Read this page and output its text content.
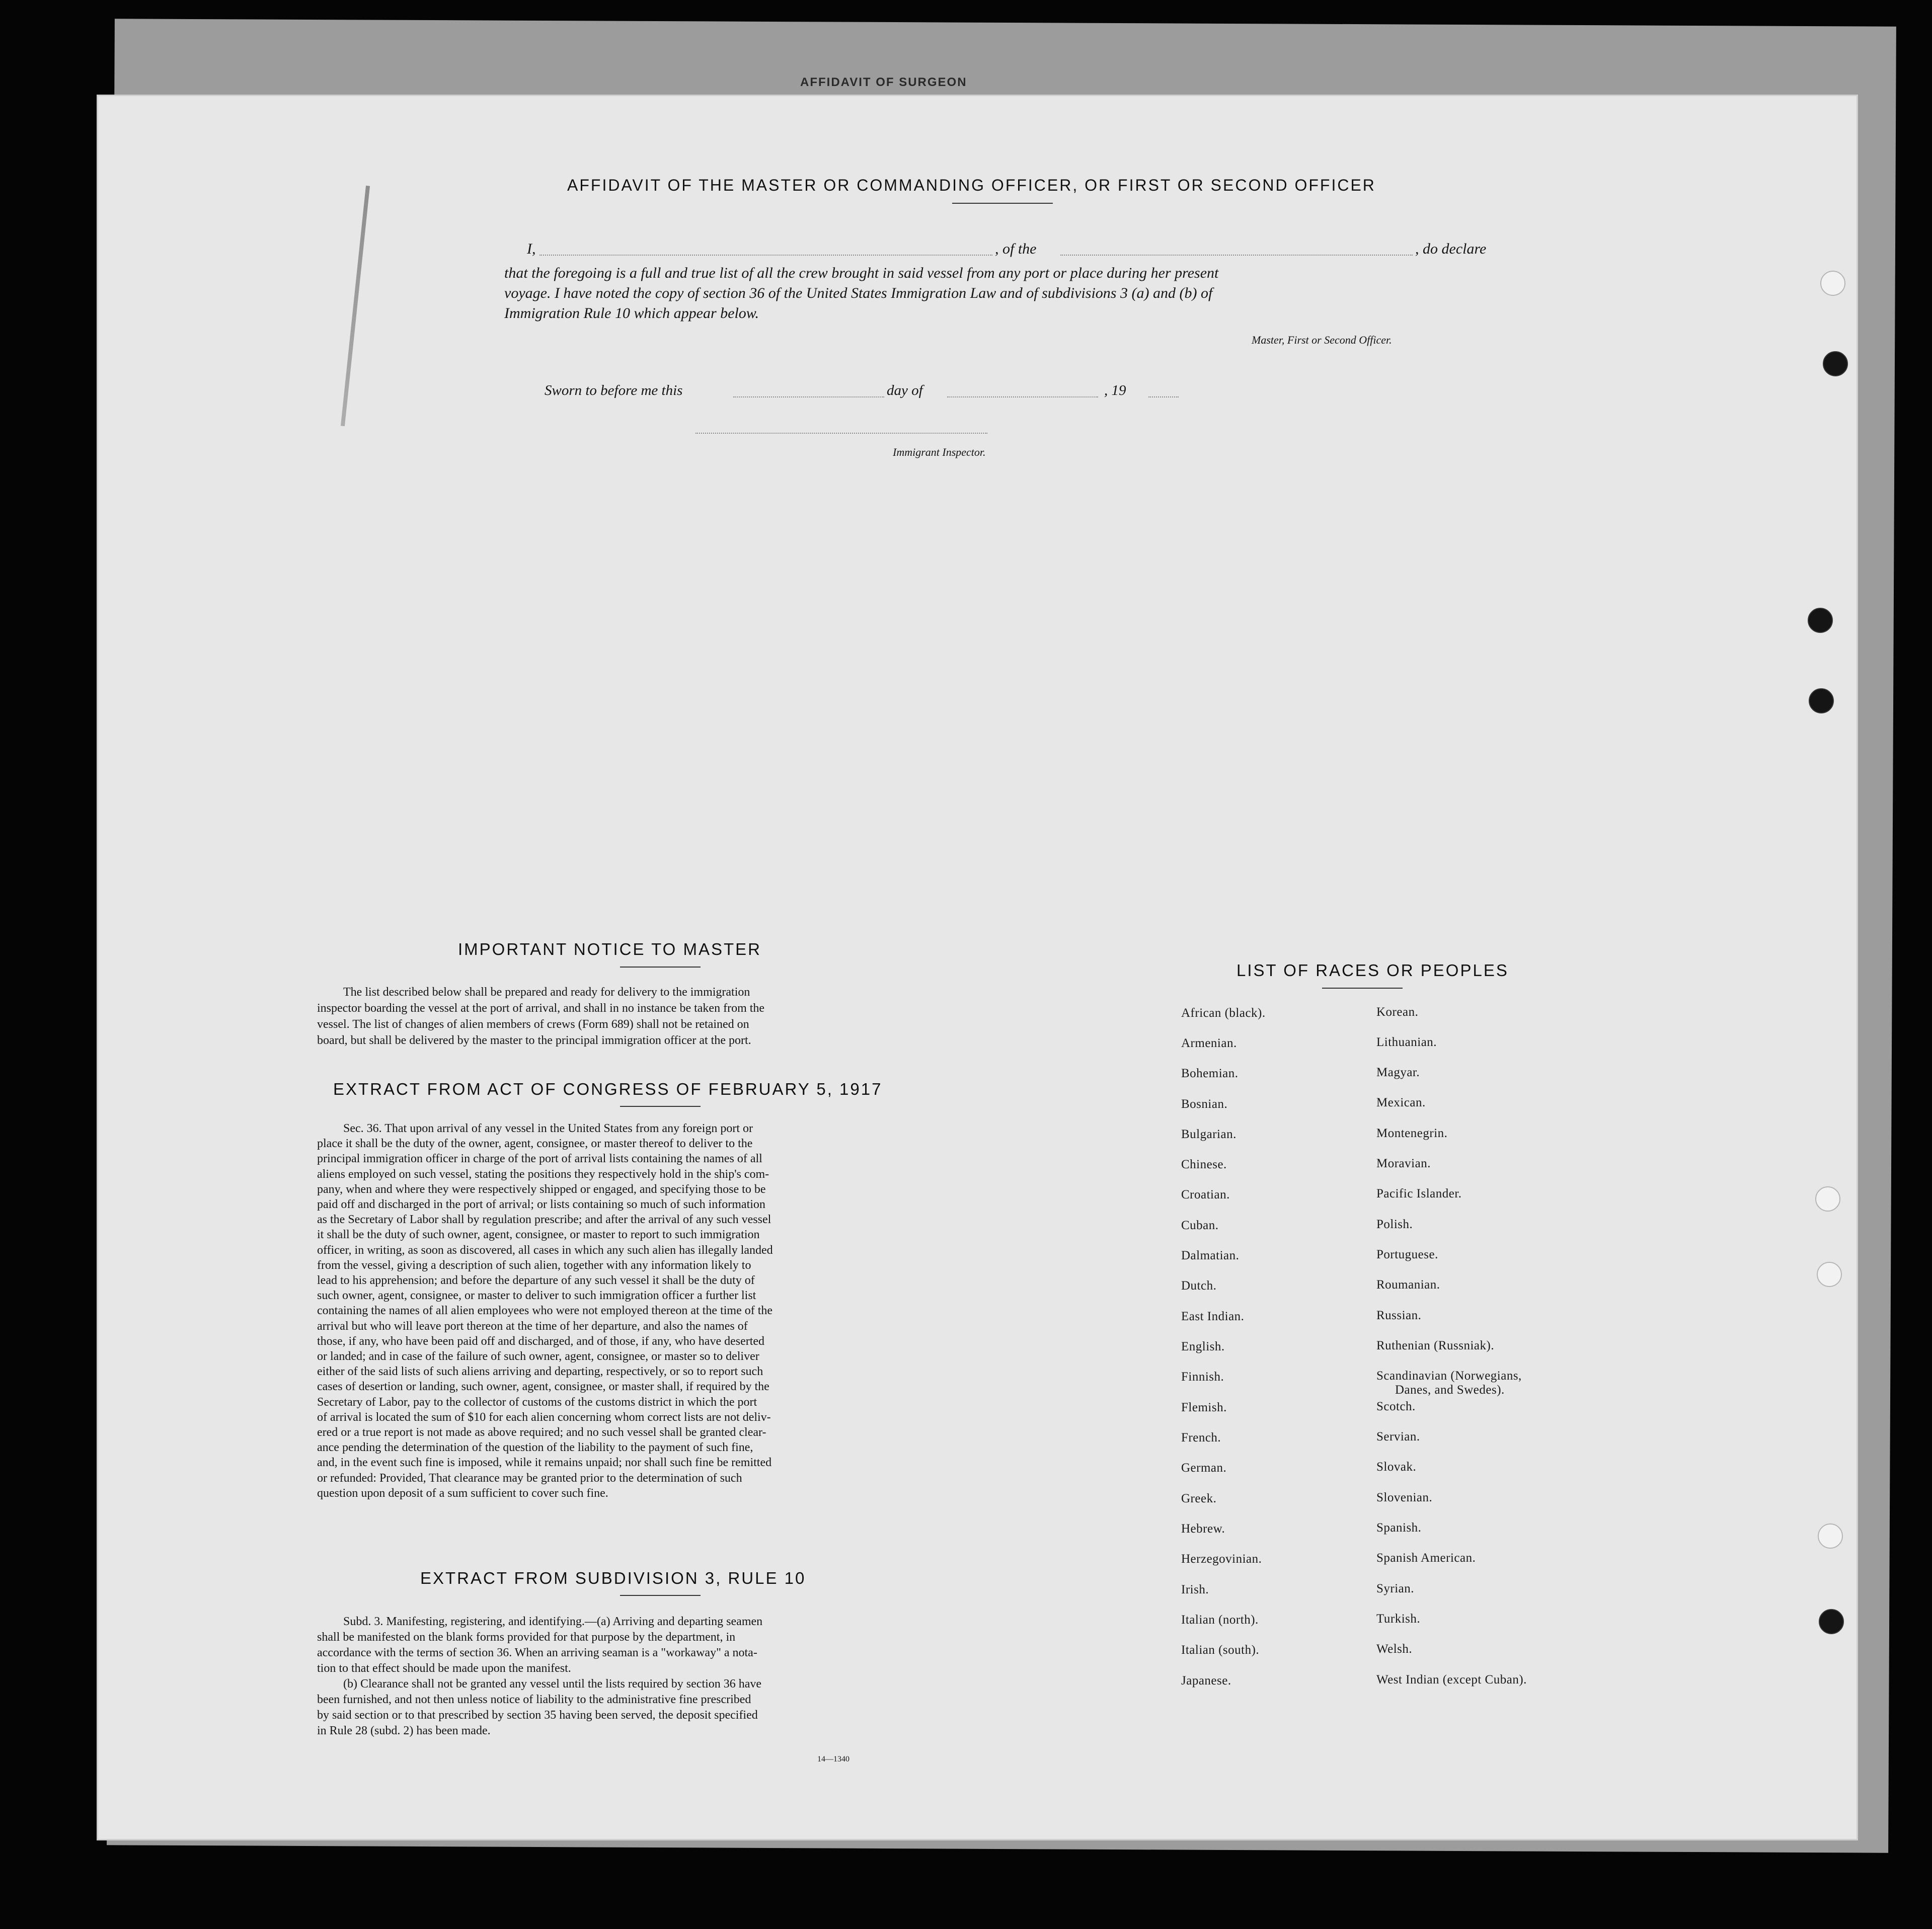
AFFIDAVIT OF SURGEON
AFFIDAVIT OF THE MASTER OR COMMANDING OFFICER, OR FIRST OR SECOND OFFICER
I,	, of the	, do declare
that the foregoing is a full and true list of all the crew brought in said vessel from any port or place during her present
voyage. I have noted the copy of section 36 of the United States Immigration Law and of subdivisions 3 (a) and (b) of
Immigration Rule 10 which appear below.
Master, First or Second Officer.
Sworn to before me this	day of	, 19
Immigrant Inspector.
IMPORTANT NOTICE TO MASTER
The list described below shall be prepared and ready for delivery to the immigration
inspector boarding the vessel at the port of arrival, and shall in no instance be taken from the
vessel. The list of changes of alien members of crews (Form 689) shall not be retained on
board, but shall be delivered by the master to the principal immigration officer at the port.
EXTRACT FROM ACT OF CONGRESS OF FEBRUARY 5, 1917
Sec. 36. That upon arrival of any vessel in the United States from any foreign port or
place it shall be the duty of the owner, agent, consignee, or master thereof to deliver to the
principal immigration officer in charge of the port of arrival lists containing the names of all
aliens employed on such vessel, stating the positions they respectively hold in the ship's com-
pany, when and where they were respectively shipped or engaged, and specifying those to be
paid off and discharged in the port of arrival; or lists containing so much of such information
as the Secretary of Labor shall by regulation prescribe; and after the arrival of any such vessel
it shall be the duty of such owner, agent, consignee, or master to report to such immigration
officer, in writing, as soon as discovered, all cases in which any such alien has illegally landed
from the vessel, giving a description of such alien, together with any information likely to
lead to his apprehension; and before the departure of any such vessel it shall be the duty of
such owner, agent, consignee, or master to deliver to such immigration officer a further list
containing the names of all alien employees who were not employed thereon at the time of the
arrival but who will leave port thereon at the time of her departure, and also the names of
those, if any, who have been paid off and discharged, and of those, if any, who have deserted
or landed; and in case of the failure of such owner, agent, consignee, or master so to deliver
either of the said lists of such aliens arriving and departing, respectively, or so to report such
cases of desertion or landing, such owner, agent, consignee, or master shall, if required by the
Secretary of Labor, pay to the collector of customs of the customs district in which the port
of arrival is located the sum of $10 for each alien concerning whom correct lists are not deliv-
ered or a true report is not made as above required; and no such vessel shall be granted clear-
ance pending the determination of the question of the liability to the payment of such fine,
and, in the event such fine is imposed, while it remains unpaid; nor shall such fine be remitted
or refunded: Provided, That clearance may be granted prior to the determination of such
question upon deposit of a sum sufficient to cover such fine.
EXTRACT FROM SUBDIVISION 3, RULE 10
Subd. 3. Manifesting, registering, and identifying.—(a) Arriving and departing seamen
shall be manifested on the blank forms provided for that purpose by the department, in
accordance with the terms of section 36. When an arriving seaman is a "workaway" a nota-
tion to that effect should be made upon the manifest.
(b) Clearance shall not be granted any vessel until the lists required by section 36 have
been furnished, and not then unless notice of liability to the administrative fine prescribed
by said section or to that prescribed by section 35 having been served, the deposit specified
in Rule 28 (subd. 2) has been made.
14—1340
LIST OF RACES OR PEOPLES
African (black).
Armenian.
Bohemian.
Bosnian.
Bulgarian.
Chinese.
Croatian.
Cuban.
Dalmatian.
Dutch.
East Indian.
English.
Finnish.
Flemish.
French.
German.
Greek.
Hebrew.
Herzegovinian.
Irish.
Italian (north).
Italian (south).
Japanese.
Korean.
Lithuanian.
Magyar.
Mexican.
Montenegrin.
Moravian.
Pacific Islander.
Polish.
Portuguese.
Roumanian.
Russian.
Ruthenian (Russniak).
Scandinavian (Norwegians,
Danes, and Swedes).
Scotch.
Servian.
Slovak.
Slovenian.
Spanish.
Spanish American.
Syrian.
Turkish.
Welsh.
West Indian (except Cuban).
